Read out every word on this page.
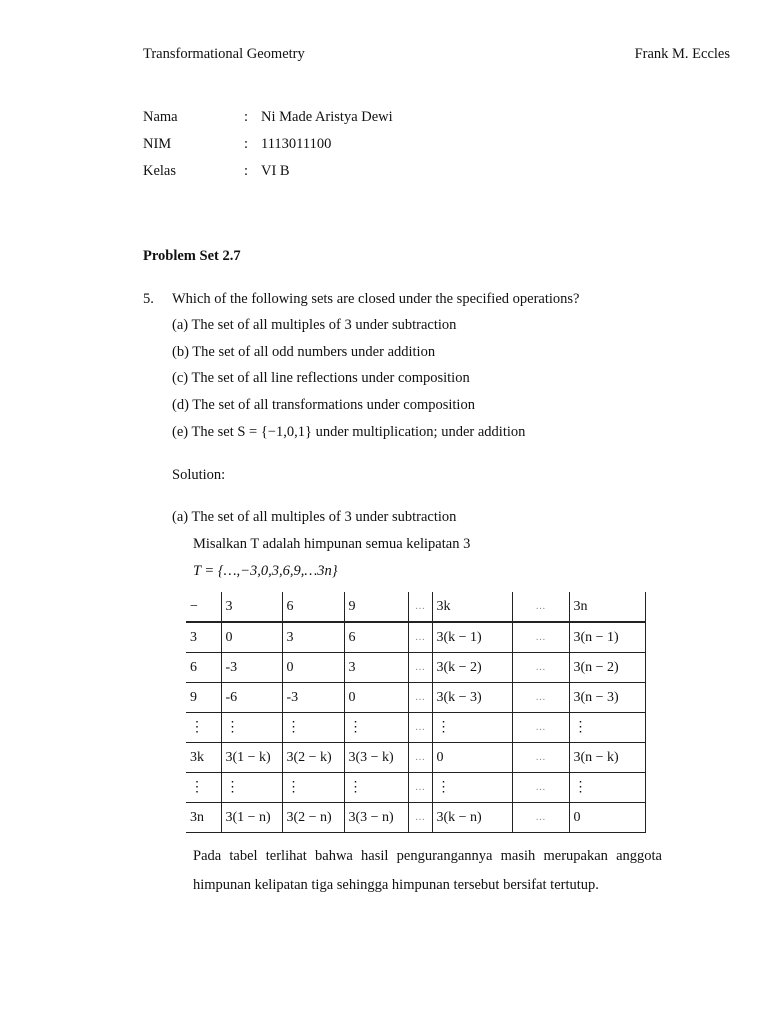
Transformational Geometry	Frank M. Eccles
Nama	: Ni Made Aristya Dewi
NIM	: 1113011100
Kelas	: VI B
Problem Set 2.7
5. Which of the following sets are closed under the specified operations?
(a) The set of all multiples of 3 under subtraction
(b) The set of all odd numbers under addition
(c) The set of all line reflections under composition
(d) The set of all transformations under composition
(e) The set S = {−1,0,1} under multiplication; under addition
Solution:
(a) The set of all multiples of 3 under subtraction
Misalkan T adalah himpunan semua kelipatan 3
T = {…,−3,0,3,6,9,…3n}
−	3	6	9	…	3k	…	3n
3	0	3	6	…	3(k − 1)	…	3(n − 1)
6	-3	0	3	…	3(k − 2)	…	3(n − 2)
9	-6	-3	0	…	3(k − 3)	…	3(n − 3)
⋮	⋮	⋮	⋮	…	⋮	…	⋮
3k	3(1 − k)	3(2 − k)	3(3 − k)	…	0	…	3(n − k)
⋮	⋮	⋮	⋮	…	⋮	…	⋮
3n	3(1 − n)	3(2 − n)	3(3 − n)	…	3(k − n)	…	0
Pada tabel terlihat bahwa hasil pengurangannya masih merupakan anggota himpunan kelipatan tiga sehingga himpunan tersebut bersifat tertutup.
